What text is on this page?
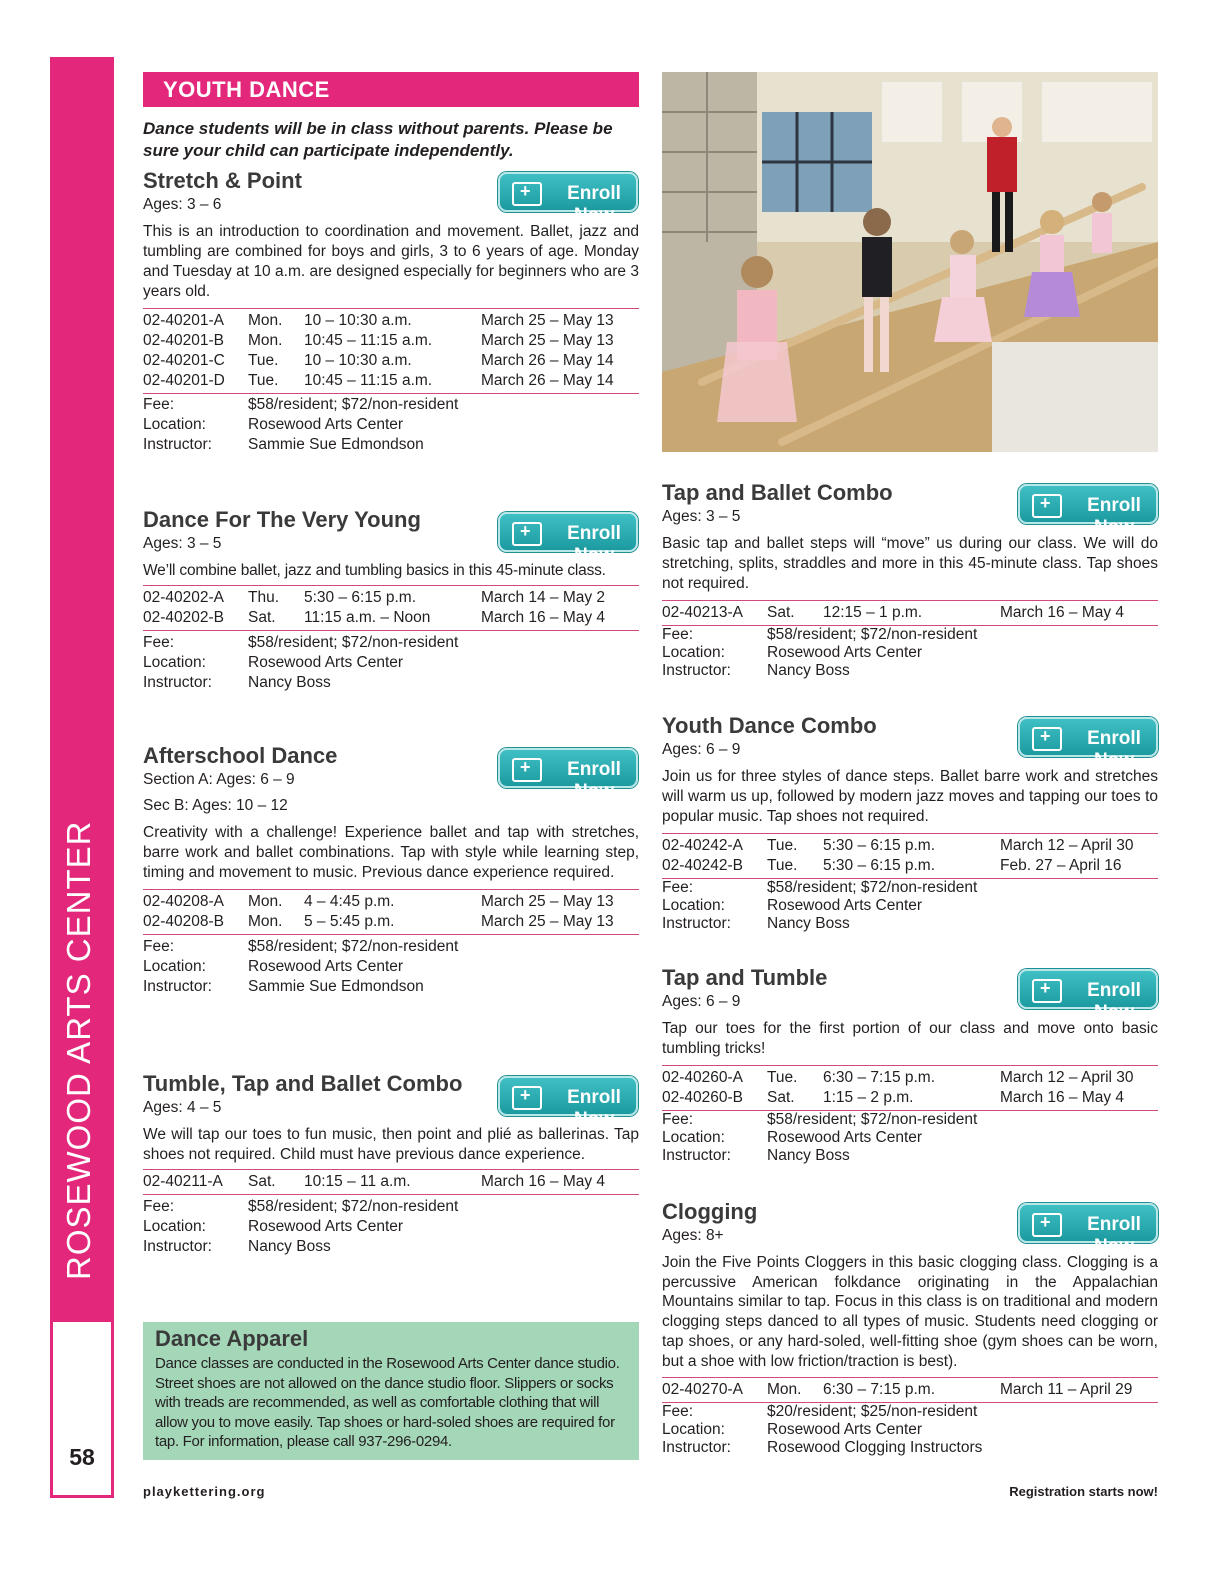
ROSEWOOD ARTS CENTER
58
YOUTH DANCE
Dance students will be in class without parents. Please be sure your child can participate independently.
Stretch & Point
Ages: 3 – 6
This is an introduction to coordination and movement. Ballet, jazz and tumbling are combined for boys and girls, 3 to 6 years of age. Monday and Tuesday at 10 a.m. are designed especially for beginners who are 3 years old.
02-40201-A Mon. 10 – 10:30 a.m.	March 25 – May 13
02-40201-B Mon. 10:45 – 11:15 a.m.	March 25 – May 13
02-40201-C Tue. 10 – 10:30 a.m.	March 26 – May 14
02-40201-D Tue. 10:45 – 11:15 a.m.	March 26 – May 14
Fee:	$58/resident; $72/non-resident
Location:	Rosewood Arts Center
Instructor: Sammie Sue Edmondson
+
Enroll Now
Dance For The Very Young
Ages: 3 – 5
We’ll combine ballet, jazz and tumbling basics in this 45-minute class.
02-40202-A Thu. 5:30 – 6:15 p.m.	March 14 – May 2
02-40202-B Sat. 11:15 a.m. – Noon	March 16 – May 4
Fee:	$58/resident; $72/non-resident
Location:	Rosewood Arts Center
Instructor: Nancy Boss
+
Enroll Now
Afterschool Dance
Section A: Ages: 6 – 9
Sec B: Ages: 10 – 12
Creativity with a challenge! Experience ballet and tap with stretches, barre work and ballet combinations. Tap with style while learning step, timing and movement to music. Previous dance experience required.
02-40208-A Mon. 4 – 4:45 p.m.	March 25 – May 13
02-40208-B Mon. 5 – 5:45 p.m.	March 25 – May 13
Fee:	$58/resident; $72/non-resident
Location:	Rosewood Arts Center
Instructor: Sammie Sue Edmondson
+
Enroll Now
Tumble, Tap and Ballet Combo
Ages: 4 – 5
We will tap our toes to fun music, then point and plié as ballerinas. Tap shoes not required. Child must have previous dance experience.
02-40211-A Sat. 10:15 – 11 a.m.	March 16 – May 4
Fee:	$58/resident; $72/non-resident
Location:	Rosewood Arts Center
Instructor: Nancy Boss
+
Enroll Now
Dance Apparel
Dance classes are conducted in the Rosewood Arts Center dance studio. Street shoes are not allowed on the dance studio floor. Slippers or socks with treads are recommended, as well as comfortable clothing that will allow you to move easily. Tap shoes or hard-soled shoes are required for tap. For information, please call 937-296-0294.
Tap and Ballet Combo
Ages: 3 – 5
Basic tap and ballet steps will “move” us during our class. We will do stretching, splits, straddles and more in this 45-minute class. Tap shoes not required.
02-40213-A Sat. 12:15 – 1 p.m.	March 16 – May 4
Fee:	$58/resident; $72/non-resident
Location:	Rosewood Arts Center
Instructor: Nancy Boss
+
Enroll Now
Youth Dance Combo
Ages: 6 – 9
Join us for three styles of dance steps. Ballet barre work and stretches will warm us up, followed by modern jazz moves and tapping our toes to popular music. Tap shoes not required.
02-40242-A Tue. 5:30 – 6:15 p.m.	March 12 – April 30
02-40242-B Tue. 5:30 – 6:15 p.m.	Feb. 27 – April 16
Fee:	$58/resident; $72/non-resident
Location:	Rosewood Arts Center
Instructor: Nancy Boss
+
Enroll Now
Tap and Tumble
Ages: 6 – 9
Tap our toes for the first portion of our class and move onto basic tumbling tricks!
02-40260-A Tue. 6:30 – 7:15 p.m.	March 12 – April 30
02-40260-B Sat. 1:15 – 2 p.m.	March 16 – May 4
Fee:	$58/resident; $72/non-resident
Location:	Rosewood Arts Center
Instructor: Nancy Boss
+
Enroll Now
Clogging
Ages: 8+
Join the Five Points Cloggers in this basic clogging class. Clogging is a percussive American folkdance originating in the Appalachian Mountains similar to tap. Focus in this class is on traditional and modern clogging steps danced to all types of music. Students need clogging or tap shoes, or any hard-soled, well-fitting shoe (gym shoes can be worn, but a shoe with low friction/traction is best).
02-40270-A Mon. 6:30 – 7:15 p.m.	March 11 – April 29
Fee:	$20/resident; $25/non-resident
Location:	Rosewood Arts Center
Instructor: Rosewood Clogging Instructors
+
Enroll Now
playkettering.org	Registration starts now!
